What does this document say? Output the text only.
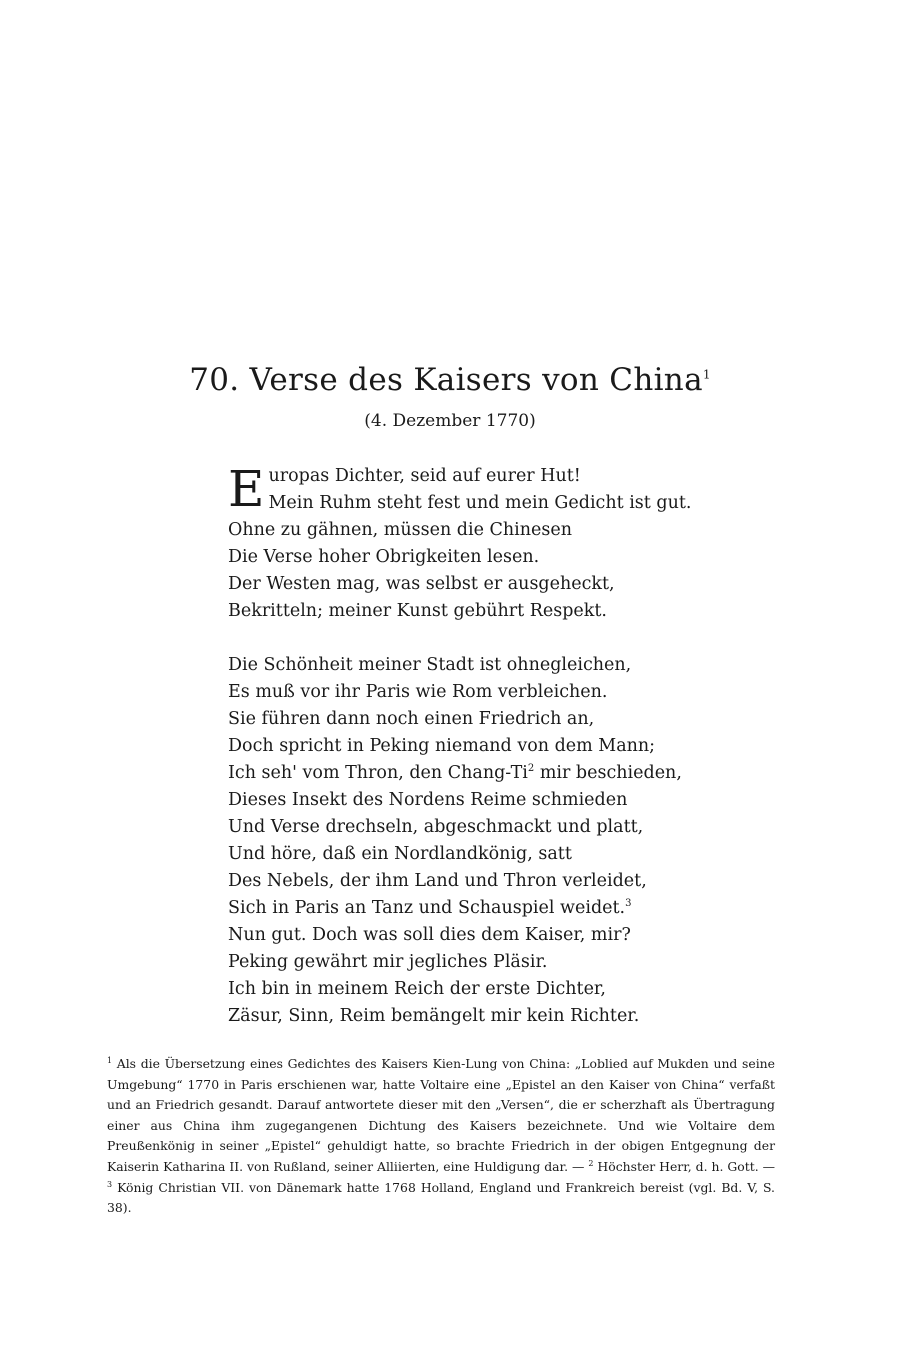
70. Verse des Kaisers von China$^1$
(4. Dezember 1770)
Europas Dichter, seid auf eurer Hut!
Mein Ruhm steht fest und mein Gedicht ist gut.
Ohne zu gähnen, müssen die Chinesen
Die Verse hoher Obrigkeiten lesen.
Der Westen mag, was selbst er ausgeheckt,
Bekritteln; meiner Kunst gebührt Respekt.
Die Schönheit meiner Stadt ist ohnegleichen,
Es muß vor ihr Paris wie Rom verbleichen.
Sie führen dann noch einen Friedrich an,
Doch spricht in Peking niemand von dem Mann;
Ich seh' vom Thron, den Chang-Ti$^2$ mir beschieden,
Dieses Insekt des Nordens Reime schmieden
Und Verse drechseln, abgeschmackt und platt,
Und höre, daß ein Nordlandkönig, satt
Des Nebels, der ihm Land und Thron verleidet,
Sich in Paris an Tanz und Schauspiel weidet.$^3$
Nun gut. Doch was soll dies dem Kaiser, mir?
Peking gewährt mir jegliches Pläsir.
Ich bin in meinem Reich der erste Dichter,
Zäsur, Sinn, Reim bemängelt mir kein Richter.
$^1$ Als die Übersetzung eines Gedichtes des Kaisers Kien-Lung von China: „Loblied auf Mukden und seine Umgebung“ 1770 in Paris erschienen war, hatte Voltaire eine „Epistel an den Kaiser von China“ verfaßt und an Friedrich gesandt. Darauf antwortete dieser mit den „Versen“, die er scherzhaft als Übertragung einer aus China ihm zugegangenen Dichtung des Kaisers bezeichnete. Und wie Voltaire dem Preußenkönig in seiner „Epistel“ gehuldigt hatte, so brachte Friedrich in der obigen Entgegnung der Kaiserin Katharina II. von Rußland, seiner Alliierten, eine Huldigung dar. — $^2$ Höchster Herr, d. h. Gott. — $^3$ König Christian VII. von Dänemark hatte 1768 Holland, England und Frankreich bereist (vgl. Bd. V, S. 38).
